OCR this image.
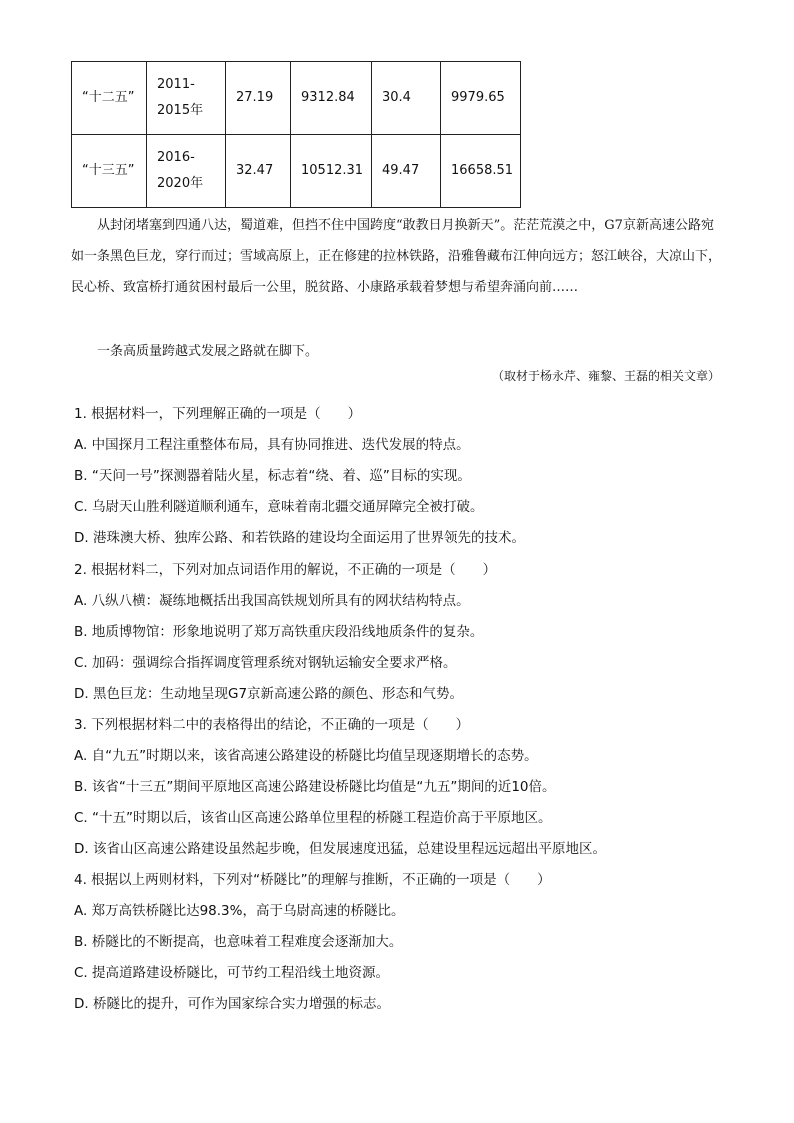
“十二五”	2011-2015年	27.19	9312.84	30.4	9979.65
“十三五”	2016-2020年	32.47	10512.31	49.47	16658.51
从封闭堵塞到四通八达，蜀道难，但挡不住中国跨度“敢教日月换新天”。茫茫荒漠之中，G7京新高速公路宛如一条黑色巨龙，穿行而过；雪域高原上，正在修建的拉林铁路，沿雅鲁藏布江伸向远方；怒江峡谷，大凉山下，民心桥、致富桥打通贫困村最后一公里，脱贫路、小康路承载着梦想与希望奔涌向前……
一条高质量跨越式发展之路就在脚下。
（取材于杨永芹、雍黎、王磊的相关文章）
1. 根据材料一，下列理解正确的一项是（　　）
A. 中国探月工程注重整体布局，具有协同推进、迭代发展的特点。
B. “天问一号”探测器着陆火星，标志着“绕、着、巡”目标的实现。
C. 乌尉天山胜利隧道顺利通车，意味着南北疆交通屏障完全被打破。
D. 港珠澳大桥、独库公路、和若铁路的建设均全面运用了世界领先的技术。
2. 根据材料二，下列对加点词语作用的解说，不正确的一项是（　　）
A. 八纵八横：凝练地概括出我国高铁规划所具有的网状结构特点。
B. 地质博物馆：形象地说明了郑万高铁重庆段沿线地质条件的复杂。
C. 加码：强调综合指挥调度管理系统对钢轨运输安全要求严格。
D. 黑色巨龙：生动地呈现G7京新高速公路的颜色、形态和气势。
3. 下列根据材料二中的表格得出的结论，不正确的一项是（　　）
A. 自“九五”时期以来，该省高速公路建设的桥隧比均值呈现逐期增长的态势。
B. 该省“十三五”期间平原地区高速公路建设桥隧比均值是“九五”期间的近10倍。
C. “十五”时期以后，该省山区高速公路单位里程的桥隧工程造价高于平原地区。
D. 该省山区高速公路建设虽然起步晚，但发展速度迅猛，总建设里程远远超出平原地区。
4. 根据以上两则材料，下列对“桥隧比”的理解与推断，不正确的一项是（　　）
A. 郑万高铁桥隧比达98.3%，高于乌尉高速的桥隧比。
B. 桥隧比的不断提高，也意味着工程难度会逐渐加大。
C. 提高道路建设桥隧比，可节约工程沿线土地资源。
D. 桥隧比的提升，可作为国家综合实力增强的标志。
